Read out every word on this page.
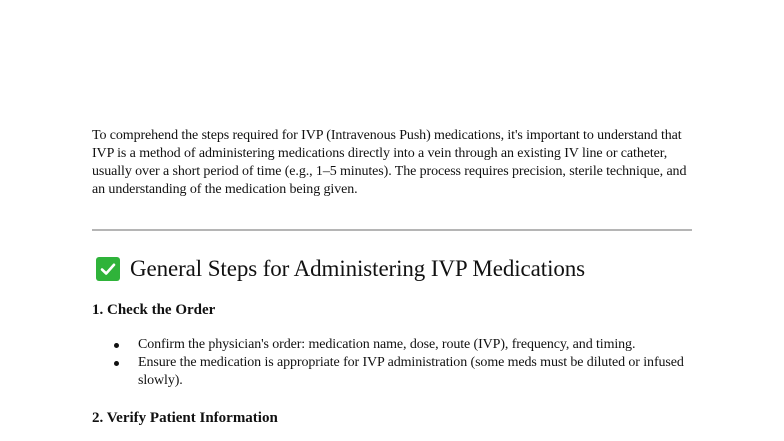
To comprehend the steps required for IVP (Intravenous Push) medications, it's important to understand that IVP is a method of administering medications directly into a vein through an existing IV line or catheter, usually over a short period of time (e.g., 1–5 minutes). The process requires precision, sterile technique, and an understanding of the medication being given.

General Steps for Administering IVP Medications
1. Check the Order
Confirm the physician's order: medication name, dose, route (IVP), frequency, and timing.
Ensure the medication is appropriate for IVP administration (some meds must be diluted or infused slowly).
2. Verify Patient Information
